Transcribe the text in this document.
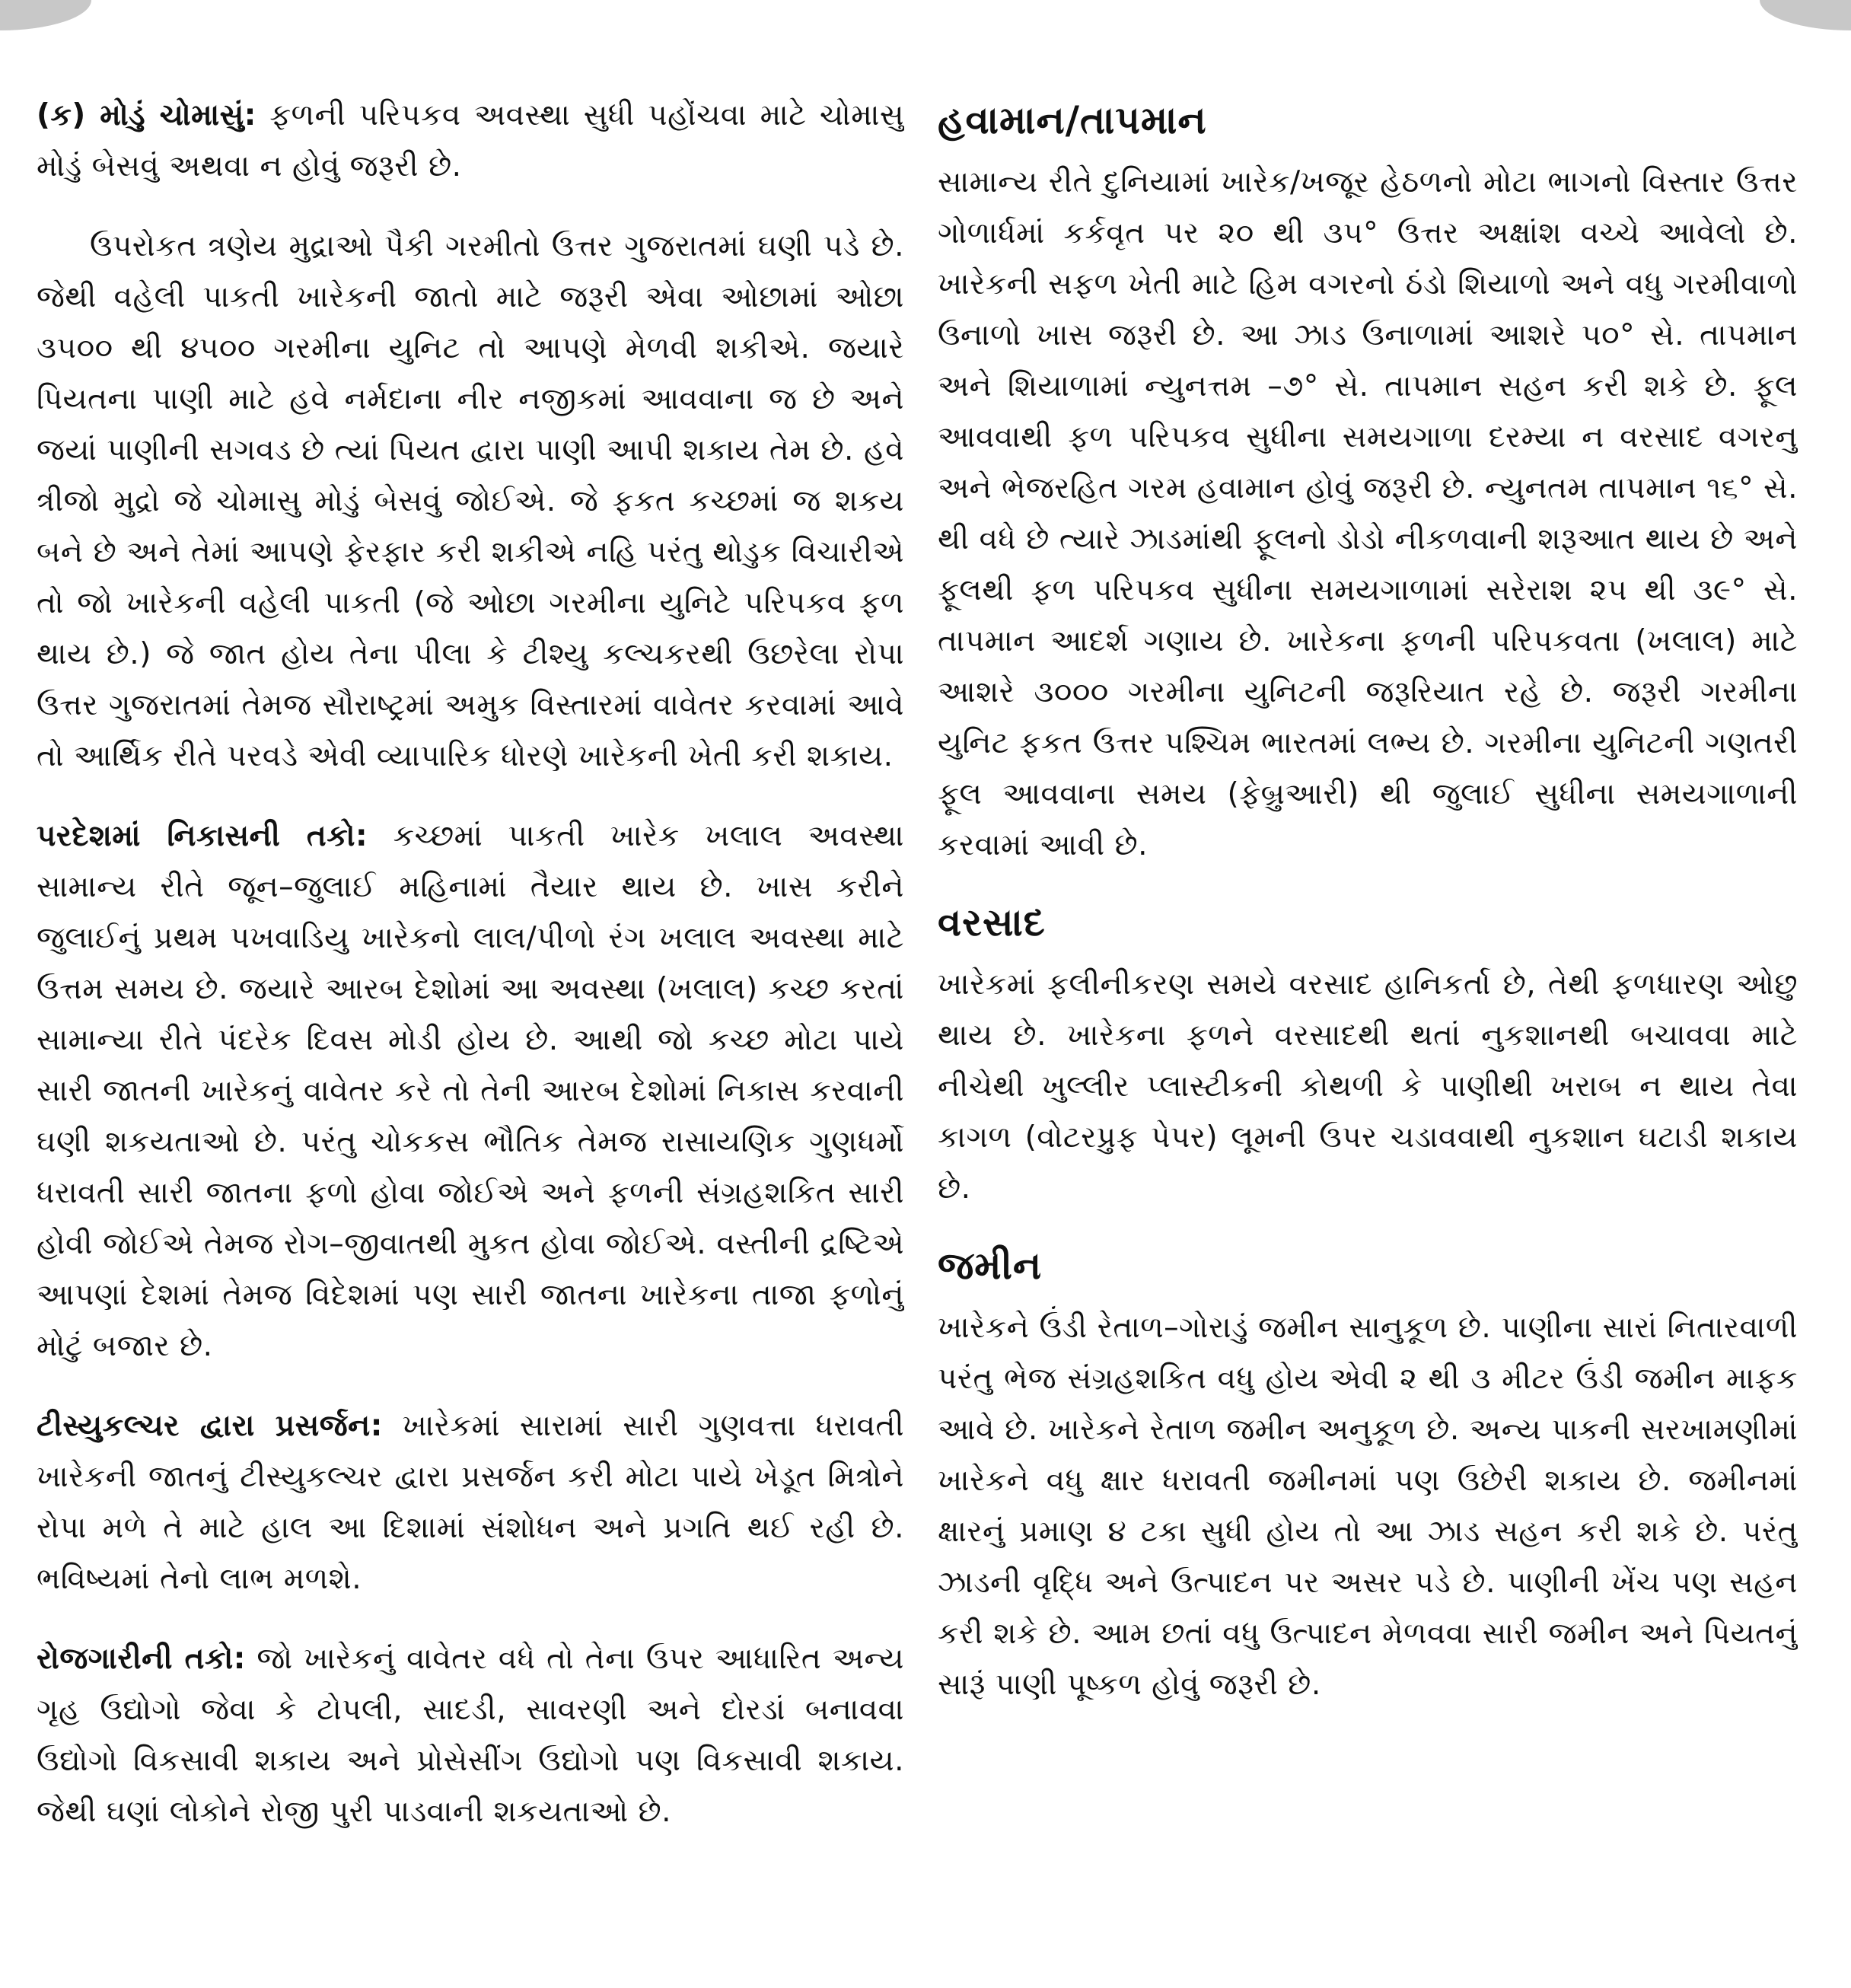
(ક) મોડું ચોમાસું: ફળની પરિપકવ અવસ્થા સુધી પહોંચવા માટે ચોમાસુ મોડું બેસવું અથવા ન હોવું જરૂરી છે.

ઉપરોકત ત્રણેય મુદ્રાઓ પૈકી ગરમીતો ઉત્તર ગુજરાતમાં ઘણી પડે છે. જેથી વહેલી પાકતી ખારેકની જાતો માટે જરૂરી એવા ઓછામાં ઓછા ૩૫૦૦ થી ૪૫૦૦ ગરમીના યુનિટ તો આપણે મેળવી શકીએ. જયારે પિયતના પાણી માટે હવે નર્મદાના નીર નજીકમાં આવવાના જ છે અને જયાં પાણીની સગવડ છે ત્યાં પિયત દ્વારા પાણી આપી શકાય તેમ છે. હવે ત્રીજો મુદ્રો જે ચોમાસુ મોડું બેસવું જોઈએ. જે ફકત કચ્છમાં જ શકય બને છે અને તેમાં આપણે ફેરફાર કરી શકીએ નહિ પરંતુ થોડુક વિચારીએ તો જો ખારેકની વહેલી પાકતી (જે ઓછા ગરમીના યુનિટે પરિપકવ ફળ થાય છે.) જે જાત હોય તેના પીલા કે ટીશ્યુ કલ્ચકરથી ઉછરેલા રોપા ઉત્તર ગુજરાતમાં તેમજ સૌરાષ્ટ્રમાં અમુક વિસ્તારમાં વાવેતર કરવામાં આવે તો આર્થિક રીતે પરવડે એવી વ્યાપારિક ધોરણે ખારેકની ખેતી કરી શકાય.

પરદેશમાં નિકાસની તકો: કચ્છમાં પાકતી ખારેક ખલાલ અવસ્થા સામાન્ય રીતે જૂન–જુલાઈ મહિનામાં તૈયાર થાય છે. ખાસ કરીને જુલાઈનું પ્રથમ પખવાડિયુ ખારેકનો લાલ/પીળો રંગ ખલાલ અવસ્થા માટે ઉત્તમ સમય છે. જયારે આરબ દેશોમાં આ અવસ્થા (ખલાલ) કચ્છ કરતાં સામાન્યા રીતે પંદરેક દિવસ મોડી હોય છે. આથી જો કચ્છ મોટા પાયે સારી જાતની ખારેકનું વાવેતર કરે તો તેની આરબ દેશોમાં નિકાસ કરવાની ઘણી શકયતાઓ છે. પરંતુ ચોકકસ ભૌતિક તેમજ રાસાયણિક ગુણધર્મો ધરાવતી સારી જાતના ફળો હોવા જોઈએ અને ફળની સંગ્રહશકિત સારી હોવી જોઈએ તેમજ રોગ–જીવાતથી મુકત હોવા જોઈએ. વસ્તીની દ્રષ્ટિએ આપણાં દેશમાં તેમજ વિદેશમાં પણ સારી જાતના ખારેકના તાજા ફળોનું મોટું બજાર છે.

ટીસ્યુકલ્ચર દ્વારા પ્રસર્જન: ખારેકમાં સારામાં સારી ગુણવત્તા ધરાવતી ખારેકની જાતનું ટીસ્યુકલ્ચર દ્વારા પ્રસર્જન કરી મોટા પાયે ખેડૂત મિત્રોને રોપા મળે તે માટે હાલ આ દિશામાં સંશોધન અને પ્રગતિ થઈ રહી છે. ભવિષ્યમાં તેનો લાભ મળશે.

રોજગારીની તકો: જો ખારેકનું વાવેતર વધે તો તેના ઉપર આધારિત અન્ય ગૃહ ઉદ્યોગો જેવા કે ટોપલી, સાદડી, સાવરણી અને દોરડાં બનાવવા ઉદ્યોગો વિકસાવી શકાય અને પ્રોસેસીંગ ઉદ્યોગો પણ વિકસાવી શકાય. જેથી ઘણાં લોકોને રોજી પુરી પાડવાની શકયતાઓ છે.

હવામાન/તાપમાન

સામાન્ય રીતે દુનિયામાં ખારેક/ખજૂર હેઠળનો મોટા ભાગનો વિસ્તાર ઉત્તર ગોળાર્ધમાં કર્કવૃત પર ૨૦ થી ૩૫° ઉત્તર અક્ષાંશ વચ્ચે આવેલો છે. ખારેકની સફળ ખેતી માટે હિમ વગરનો ઠંડો શિયાળો અને વધુ ગરમીવાળો ઉનાળો ખાસ જરૂરી છે. આ ઝાડ ઉનાળામાં આશરે ૫૦° સે. તાપમાન અને શિયાળામાં ન્યુનત્તમ –૭° સે. તાપમાન સહન કરી શકે છે. ફૂલ આવવાથી ફળ પરિપકવ સુધીના સમયગાળા દરમ્યા ન વરસાદ વગરનુ અને ભેજરહિત ગરમ હવામાન હોવું જરૂરી છે. ન્યુનતમ તાપમાન ૧૬° સે. થી વધે છે ત્યારે ઝાડમાંથી ફૂલનો ડોડો નીકળવાની શરૂઆત થાય છે અને ફૂલથી ફળ પરિપકવ સુધીના સમયગાળામાં સરેરાશ ૨૫ થી ૩૯° સે. તાપમાન આદર્શ ગણાય છે. ખારેકના ફળની પરિપકવતા (ખલાલ) માટે આશરે ૩૦૦૦ ગરમીના યુનિટની જરૂરિયાત રહે છે. જરૂરી ગરમીના યુનિટ ફકત ઉત્તર પશ્ચિમ ભારતમાં લભ્ય છે. ગરમીના યુનિટની ગણતરી ફૂલ આવવાના સમય (ફેબ્રુઆરી) થી જુલાઈ સુધીના સમયગાળાની કરવામાં આવી છે.

વરસાદ

ખારેકમાં ફલીનીકરણ સમયે વરસાદ હાનિકર્તા છે, તેથી ફળધારણ ઓછુ થાય છે. ખારેકના ફળને વરસાદથી થતાં નુકશાનથી બચાવવા માટે નીચેથી ખુલ્લીર પ્લાસ્ટીકની કોથળી કે પાણીથી ખરાબ ન થાય તેવા કાગળ (વોટરપ્રુફ પેપર) લૂમની ઉપર ચડાવવાથી નુકશાન ઘટાડી શકાય છે.

જમીન

ખારેકને ઉંડી રેતાળ–ગોરાડું જમીન સાનુકૂળ છે. પાણીના સારાં નિતારવાળી પરંતુ ભેજ સંગ્રહશકિત વધુ હોય એવી ૨ થી ૩ મીટર ઉંડી જમીન માફક આવે છે. ખારેકને રેતાળ જમીન અનુકૂળ છે. અન્ય પાકની સરખામણીમાં ખારેકને વધુ ક્ષાર ધરાવતી જમીનમાં પણ ઉછેરી શકાય છે. જમીનમાં ક્ષારનું પ્રમાણ ૪ ટકા સુધી હોય તો આ ઝાડ સહન કરી શકે છે. પરંતુ ઝાડની વૃદ્ધિ અને ઉત્પાદન પર અસર પડે છે. પાણીની ખેંચ પણ સહન કરી શકે છે. આમ છતાં વધુ ઉત્પાદન મેળવવા સારી જમીન અને પિયતનું સારૂં પાણી પૂષ્કળ હોવું જરૂરી છે.
